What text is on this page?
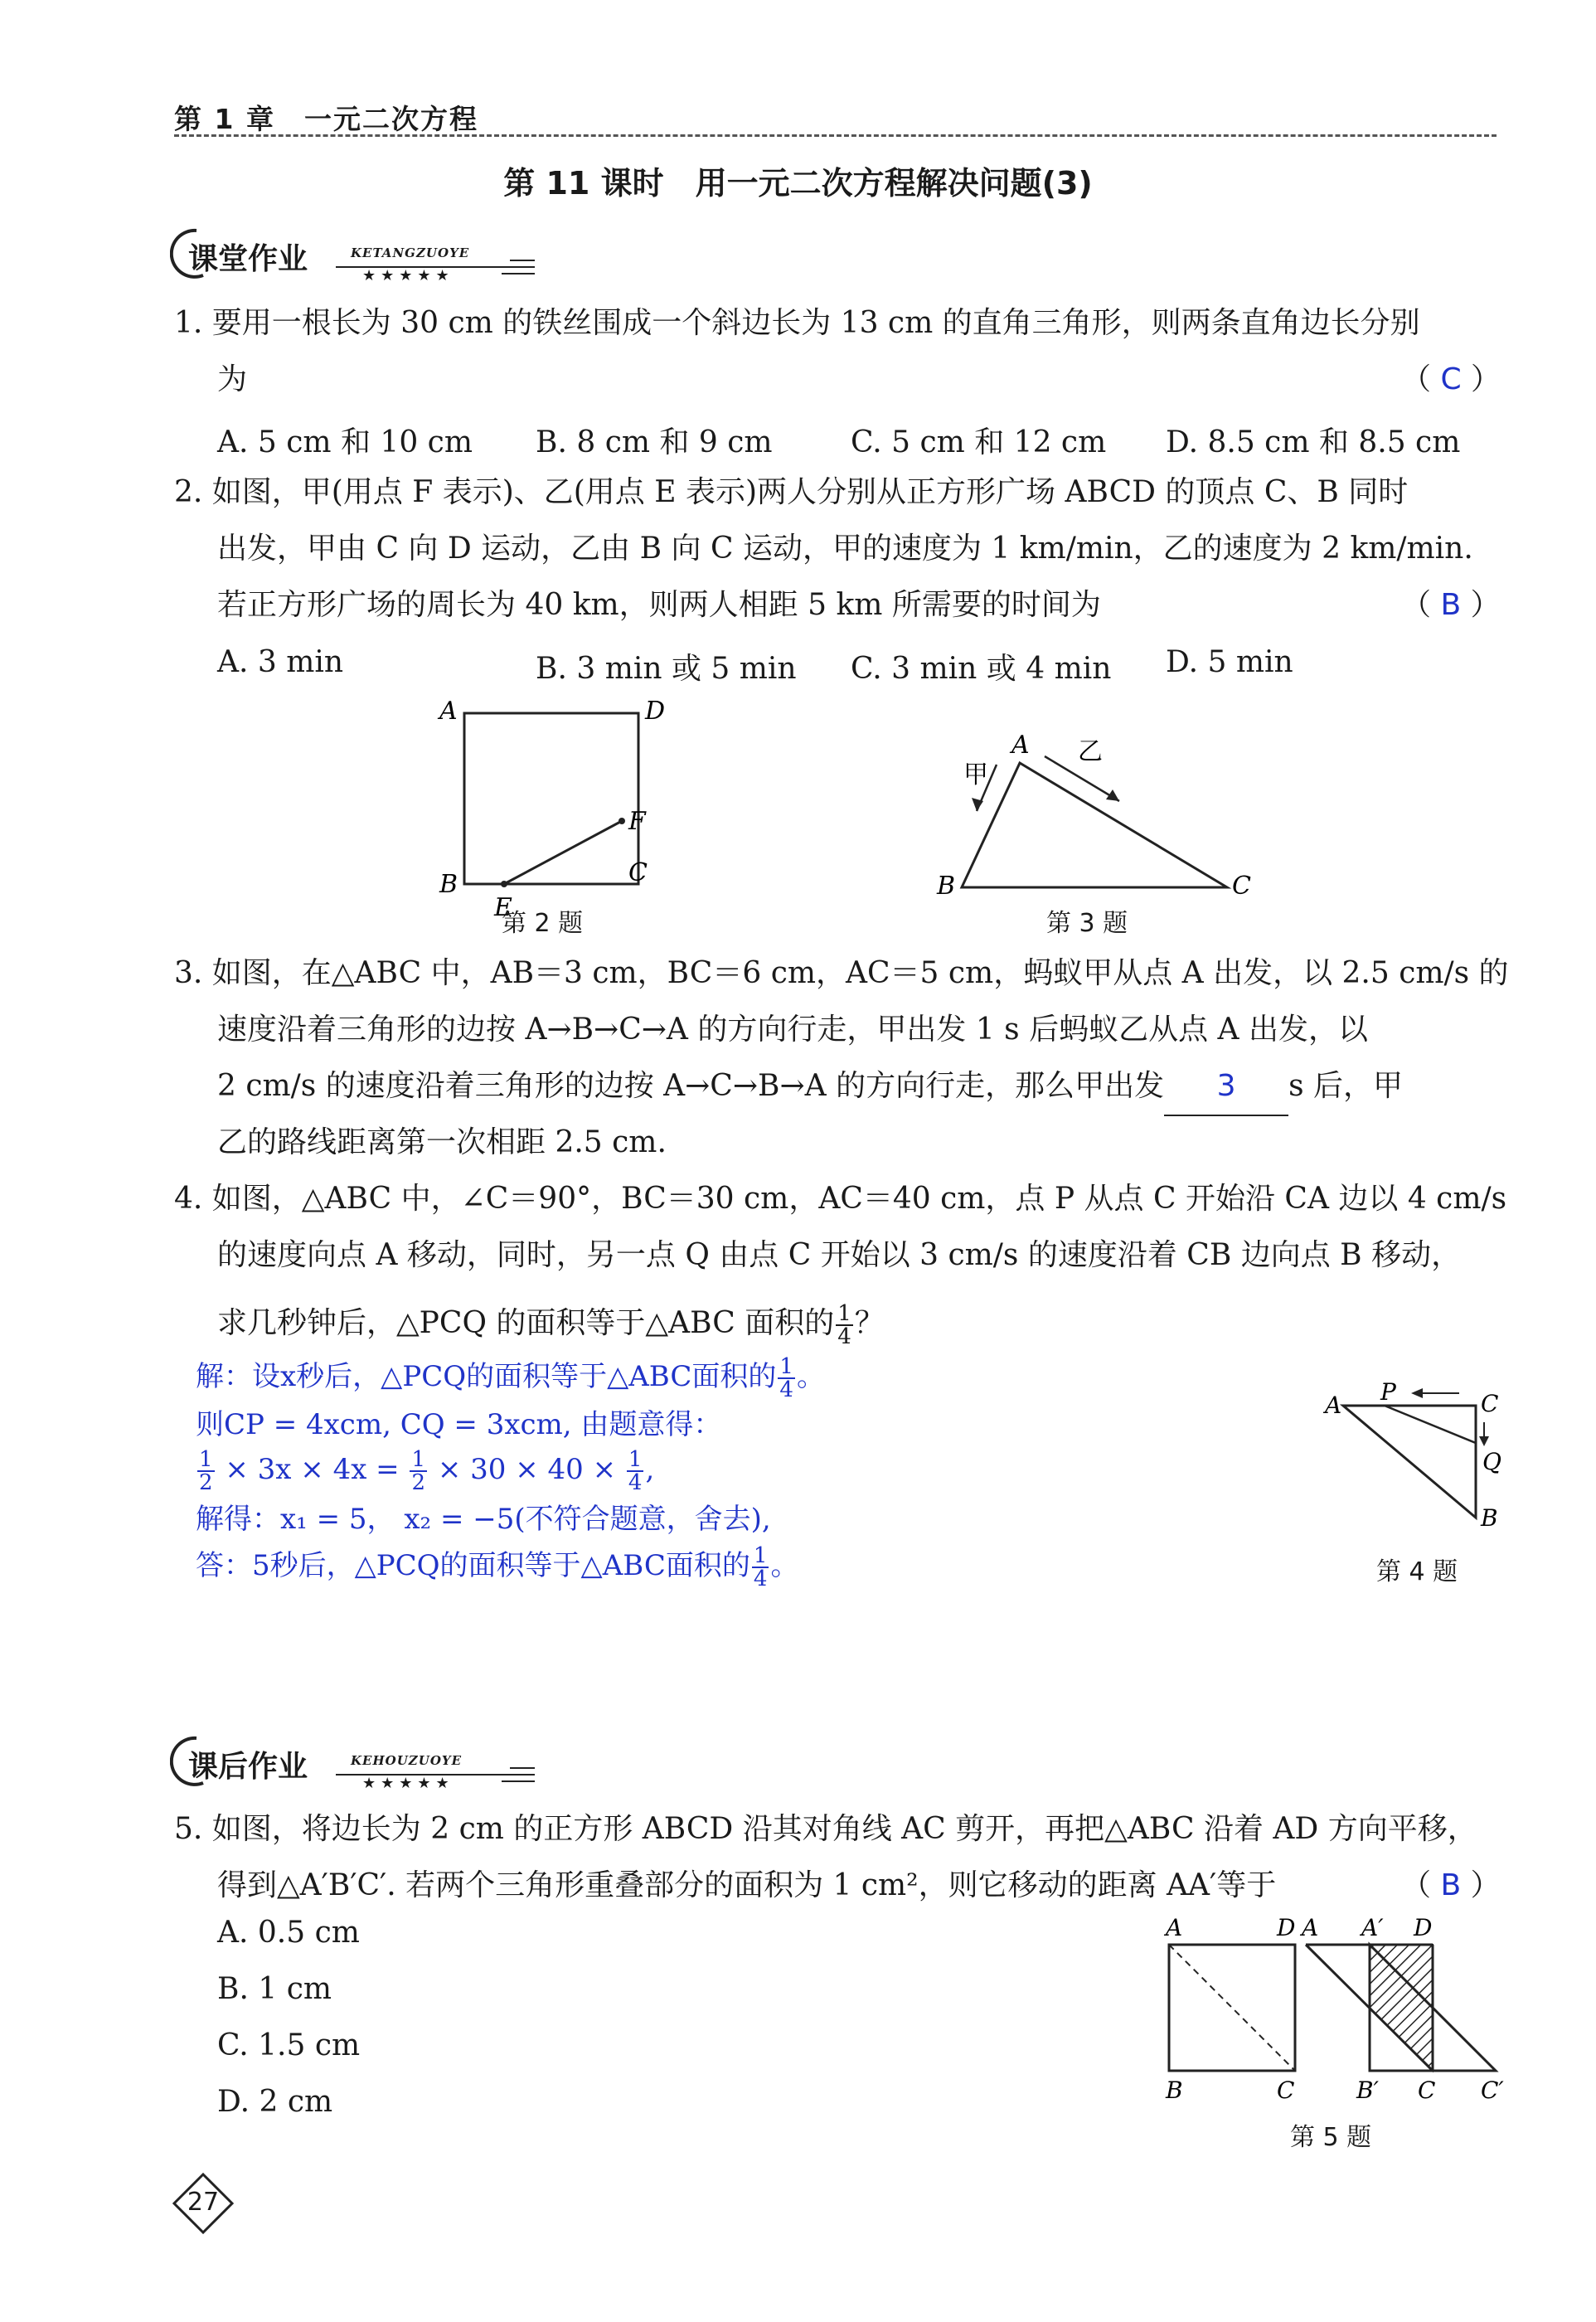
第 1 章　一元二次方程
第 11 课时　用一元二次方程解决问题(3)
课堂作业	KETANGZUOYE
★★★★★
1. 要用一根长为 30 cm 的铁丝围成一个斜边长为 13 cm 的直角三角形，则两条直角边长分别
为	（ C ）
A. 5 cm 和 10 cm B. 8 cm 和 9 cm	C. 5 cm 和 12 cm D. 8.5 cm 和 8.5 cm
2. 如图，甲(用点 F 表示)、乙(用点 E 表示)两人分别从正方形广场 ABCD 的顶点 C、B 同时
出发，甲由 C 向 D 运动，乙由 B 向 C 运动，甲的速度为 1 km/min，乙的速度为 2 km/min.
若正方形广场的周长为 40 km，则两人相距 5 km 所需要的时间为	（ B ）
A. 3 min	B. 3 min 或 5 min C. 3 min 或 4 min D. 5 min
A	D
B
F
C
E
第 2 题
A
B	C
甲
乙
第 3 题
3. 如图，在△ABC 中，AB＝3 cm，BC＝6 cm，AC＝5 cm，蚂蚁甲从点 A 出发，以 2.5 cm/s 的
速度沿着三角形的边按 A→B→C→A 的方向行走，甲出发 1 s 后蚂蚁乙从点 A 出发，以
2 cm/s 的速度沿着三角形的边按 A→C→B→A 的方向行走，那么甲出发 3 s 后，甲
乙的路线距离第一次相距 2.5 cm.
4. 如图，△ABC 中，∠C＝90°，BC＝30 cm，AC＝40 cm，点 P 从点 C 开始沿 CA 边以 4 cm/s
的速度向点 A 移动，同时，另一点 Q 由点 C 开始以 3 cm/s 的速度沿着 CB 边向点 B 移动，
求几秒钟后，△PCQ 的面积等于△ABC 面积的 $\frac{1}{4}$ ？
解：设x秒后，△PCQ的面积等于△ABC面积的 $\frac{1}{4}$ 。
则CP = 4xcm, CQ = 3xcm, 由题意得：
$\frac{1}{2} \times 3x \times 4x = \frac{1}{2} \times 30 \times 40 \times \frac{1}{4}$ ,
解得：x₁ = 5， x₂ = −5(不符合题意，舍去),
答：5秒后，△PCQ的面积等于△ABC面积的 $\frac{1}{4}$ 。
A P	C
Q
B
第 4 题
课后作业	KEHOUZUOYE
★★★★★
5. 如图，将边长为 2 cm 的正方形 ABCD 沿其对角线 AC 剪开，再把△ABC 沿着 AD 方向平移，
得到△A′B′C′. 若两个三角形重叠部分的面积为 1 cm²，则它移动的距离 AA′等于	（ B ）
A. 0.5 cm
B. 1 cm
C. 1.5 cm
D. 2 cm
A	D
B	C
A A′ D
B′ C C′
第 5 题
27
